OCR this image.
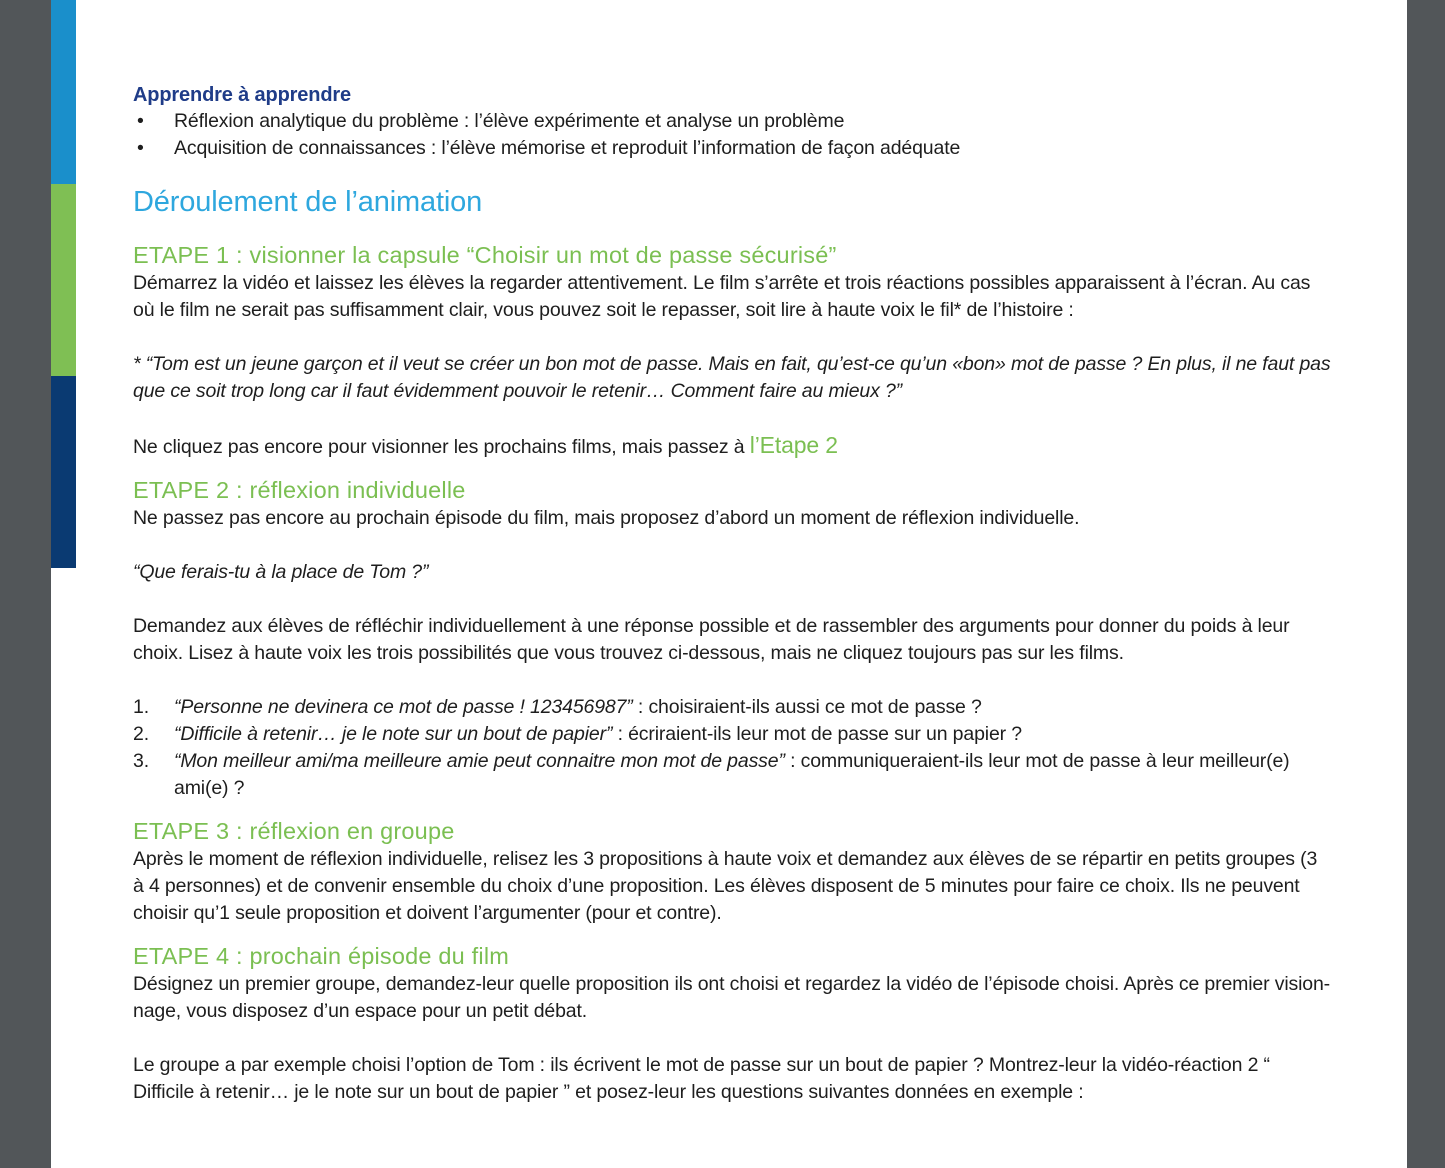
Apprendre à apprendre
• Réflexion analytique du problème : l’élève expérimente et analyse un problème
• Acquisition de connaissances : l’élève mémorise et reproduit l’information de façon adéquate
Déroulement de l’animation
ETAPE 1 : visionner la capsule “Choisir un mot de passe sécurisé”

Démarrez la vidéo et laissez les élèves la regarder attentivement. Le film s’arrête et trois réactions possibles apparaissent à l’écran. Au cas où le film ne serait pas suffisamment clair, vous pouvez soit le repasser, soit lire à haute voix le fil* de l’histoire :

* “Tom est un jeune garçon et il veut se créer un bon mot de passe. Mais en fait, qu’est-ce qu’un «bon» mot de passe ? En plus, il ne faut pas que ce soit trop long car il faut évidemment pouvoir le retenir… Comment faire au mieux ?”

Ne cliquez pas encore pour visionner les prochains films, mais passez à l’Etape 2

ETAPE 2 : réflexion individuelle

Ne passez pas encore au prochain épisode du film, mais proposez d’abord un moment de réflexion individuelle.

“Que ferais-tu à la place de Tom ?”

Demandez aux élèves de réfléchir individuellement à une réponse possible et de rassembler des arguments pour donner du poids à leur choix. Lisez à haute voix les trois possibilités que vous trouvez ci-dessous, mais ne cliquez toujours pas sur les films.

1. “Personne ne devinera ce mot de passe ! 123456987” : choisiraient-ils aussi ce mot de passe ?
2. “Difficile à retenir… je le note sur un bout de papier” : écriraient-ils leur mot de passe sur un papier ?
3. “Mon meilleur ami/ma meilleure amie peut connaitre mon mot de passe” : communiqueraient-ils leur mot de passe à leur meilleur(e) ami(e) ?
ETAPE 3 : réflexion en groupe

Après le moment de réflexion individuelle, relisez les 3 propositions à haute voix et demandez aux élèves de se répartir en petits groupes (3 à 4 personnes) et de convenir ensemble du choix d’une proposition. Les élèves disposent de 5 minutes pour faire ce choix. Ils ne peuvent choisir qu’1 seule proposition et doivent l’argumenter (pour et contre).

ETAPE 4 : prochain épisode du film

Désignez un premier groupe, demandez-leur quelle proposition ils ont choisi et regardez la vidéo de l’épisode choisi. Après ce premier vision-nage, vous disposez d’un espace pour un petit débat.

Le groupe a par exemple choisi l’option de Tom : ils écrivent le mot de passe sur un bout de papier ? Montrez-leur la vidéo-réaction 2 “ Difficile à retenir… je le note sur un bout de papier ” et posez-leur les questions suivantes données en exemple :
